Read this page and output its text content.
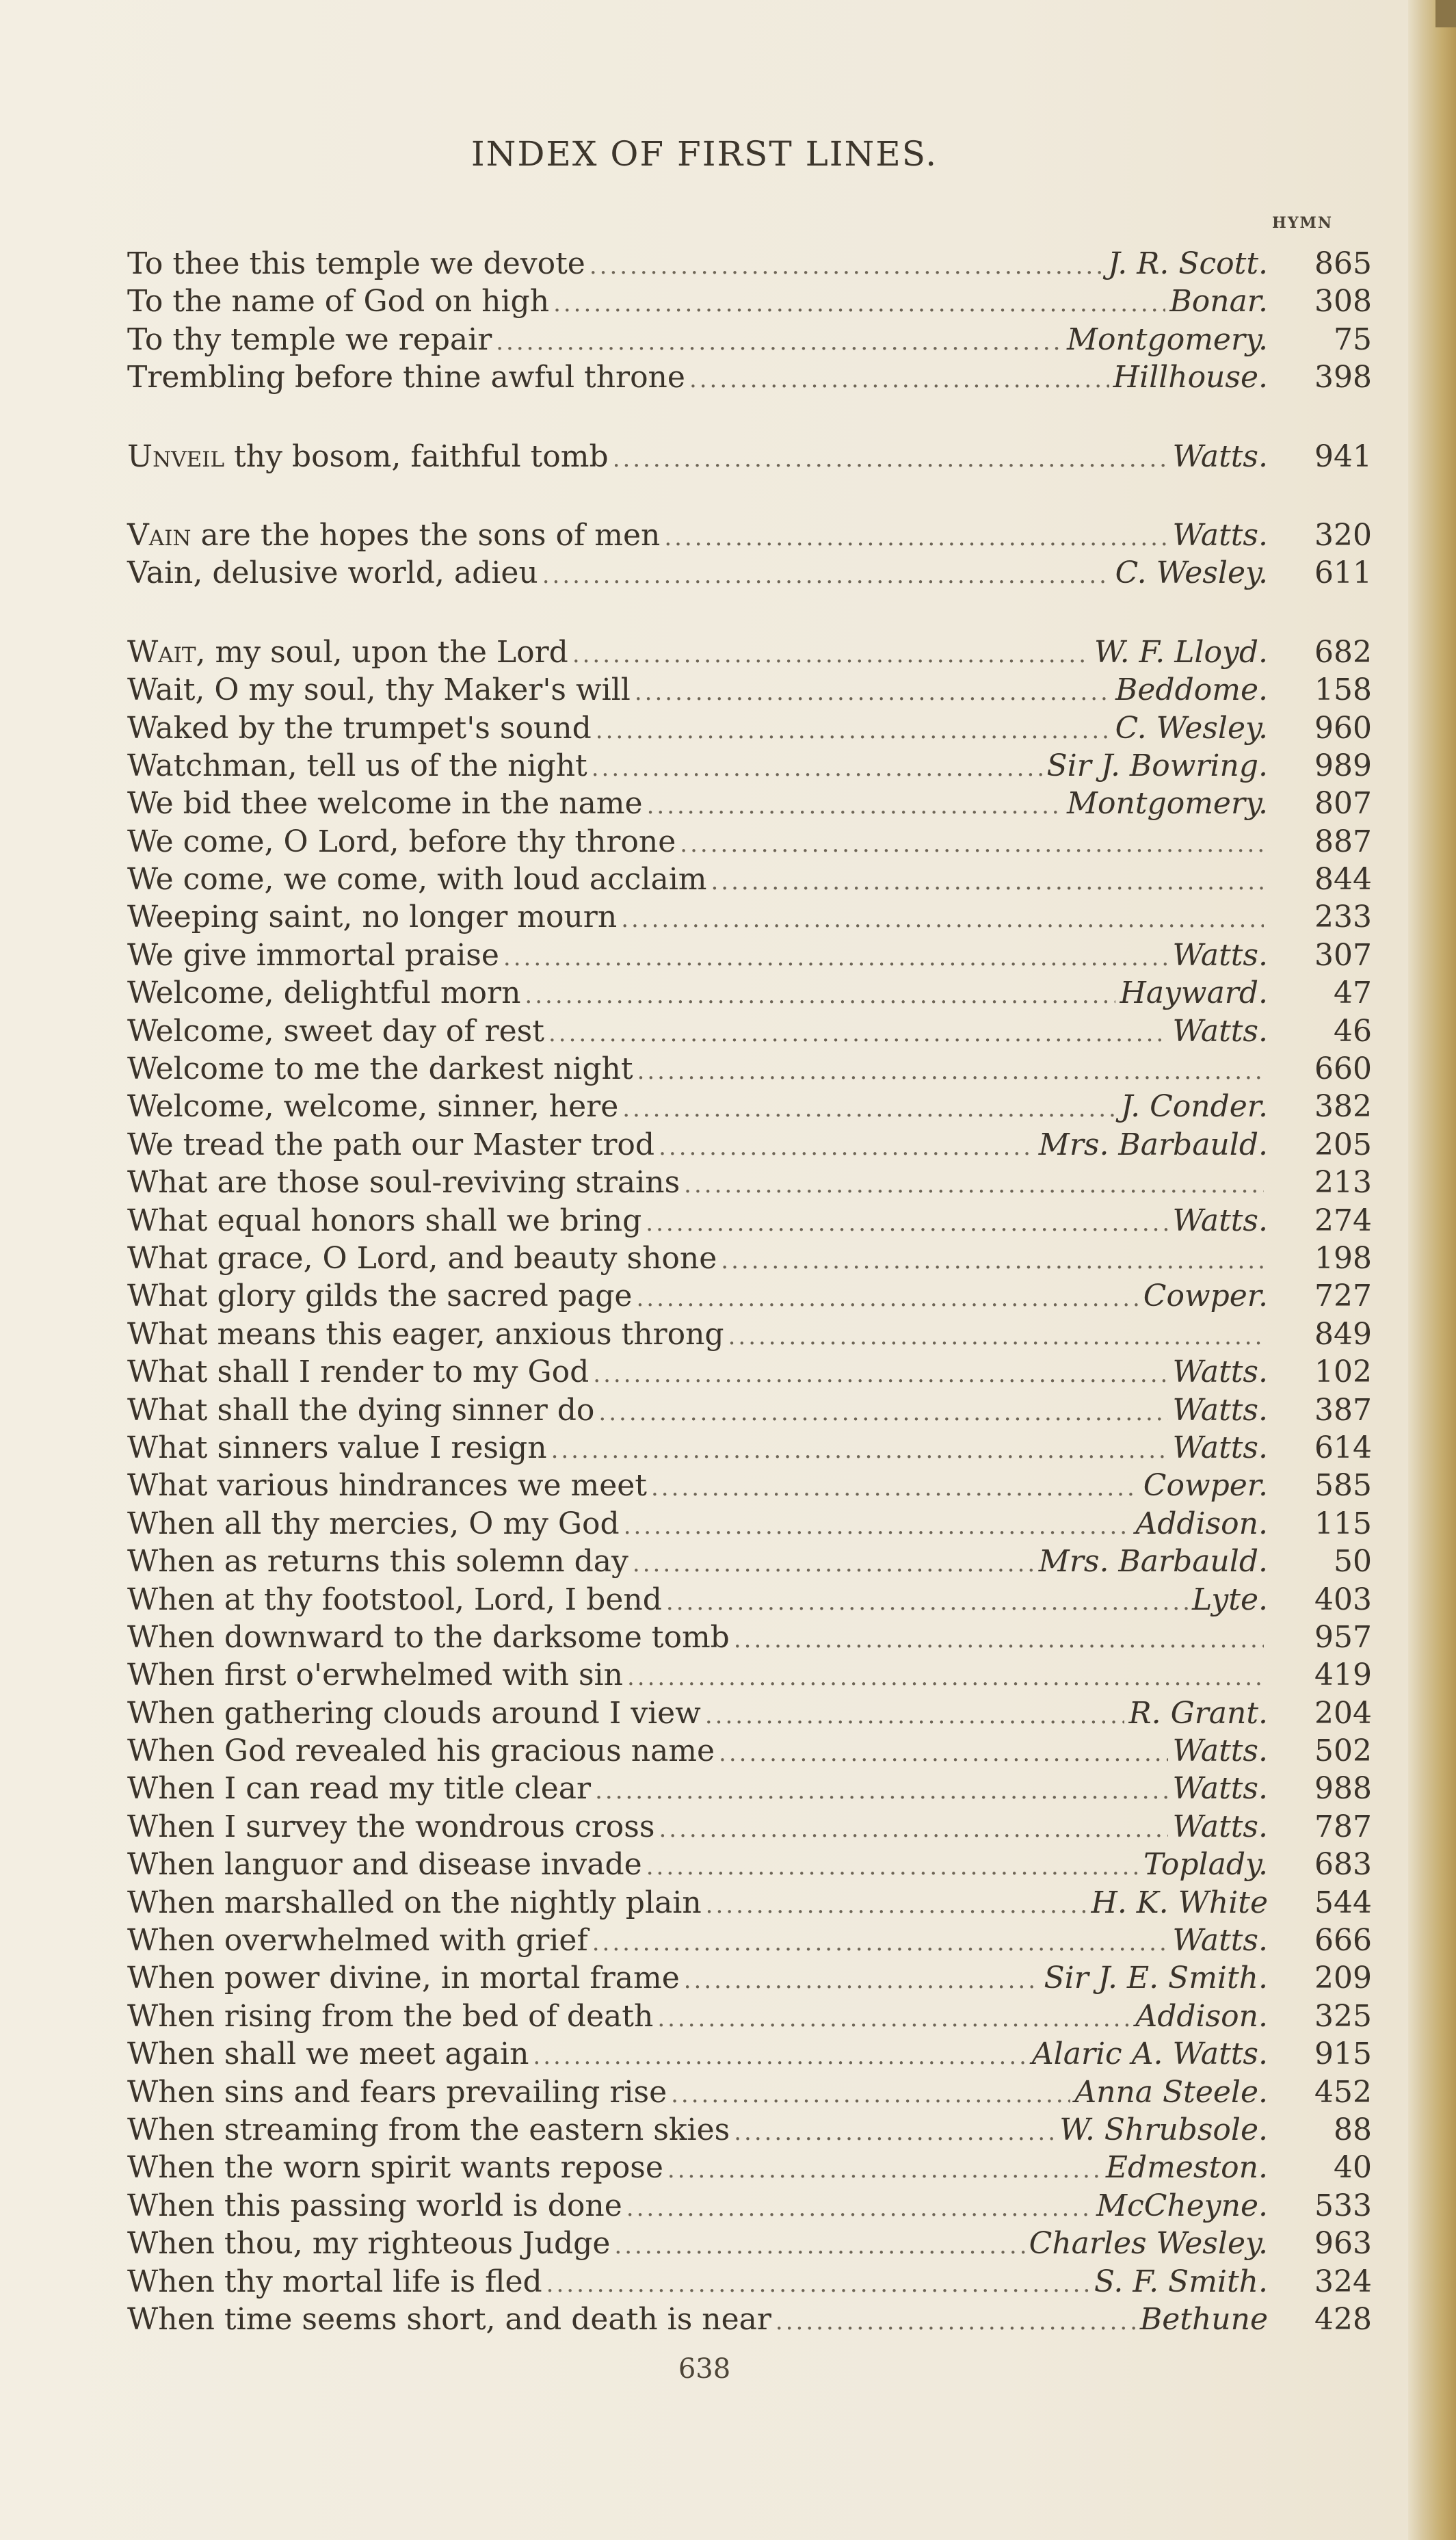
INDEX OF FIRST LINES.
HYMN
To thee this temple we devote .....	J. R. Scott.	865
To the name of God on high .....	Bonar.	308
To thy temple we repair .....	Montgomery.	75
Trembling before thine awful throne .....	Hillhouse.	398
Unveil thy bosom, faithful tomb .....	Watts.	941
Vain are the hopes the sons of men .....	Watts.	320
Vain, delusive world, adieu .....	C. Wesley.	611
Wait, my soul, upon the Lord .....	W. F. Lloyd.	682
Wait, O my soul, thy Maker's will .....	Beddome.	158
Waked by the trumpet's sound .....	C. Wesley.	960
Watchman, tell us of the night .....	Sir J. Bowring.	989
We bid thee welcome in the name .....	Montgomery.	807
We come, O Lord, before thy throne .....	887
We come, we come, with loud acclaim .....	844
Weeping saint, no longer mourn .....	233
We give immortal praise .....	Watts.	307
Welcome, delightful morn .....	Hayward.	47
Welcome, sweet day of rest .....	Watts.	46
Welcome to me the darkest night .....	660
Welcome, welcome, sinner, here .....	J. Conder.	382
We tread the path our Master trod .....	Mrs. Barbauld.	205
What are those soul-reviving strains .....	213
What equal honors shall we bring .....	Watts.	274
What grace, O Lord, and beauty shone .....	198
What glory gilds the sacred page .....	Cowper.	727
What means this eager, anxious throng .....	849
What shall I render to my God .....	Watts.	102
What shall the dying sinner do .....	Watts.	387
What sinners value I resign .....	Watts.	614
What various hindrances we meet .....	Cowper.	585
When all thy mercies, O my God .....	Addison.	115
When as returns this solemn day .....	Mrs. Barbauld.	50
When at thy footstool, Lord, I bend .....	Lyte.	403
When downward to the darksome tomb .....	957
When first o'erwhelmed with sin .....	419
When gathering clouds around I view .....	R. Grant.	204
When God revealed his gracious name .....	Watts.	502
When I can read my title clear .....	Watts.	988
When I survey the wondrous cross .....	Watts.	787
When languor and disease invade .....	Toplady.	683
When marshalled on the nightly plain .....	H. K. White	544
When overwhelmed with grief .....	Watts.	666
When power divine, in mortal frame .....	Sir J. E. Smith.	209
When rising from the bed of death .....	Addison.	325
When shall we meet again .....	Alaric A. Watts.	915
When sins and fears prevailing rise .....	Anna Steele.	452
When streaming from the eastern skies .....	W. Shrubsole.	88
When the worn spirit wants repose .....	Edmeston.	40
When this passing world is done .....	McCheyne.	533
When thou, my righteous Judge .....	Charles Wesley.	963
When thy mortal life is fled .....	S. F. Smith.	324
When time seems short, and death is near .....	Bethune	428
638
